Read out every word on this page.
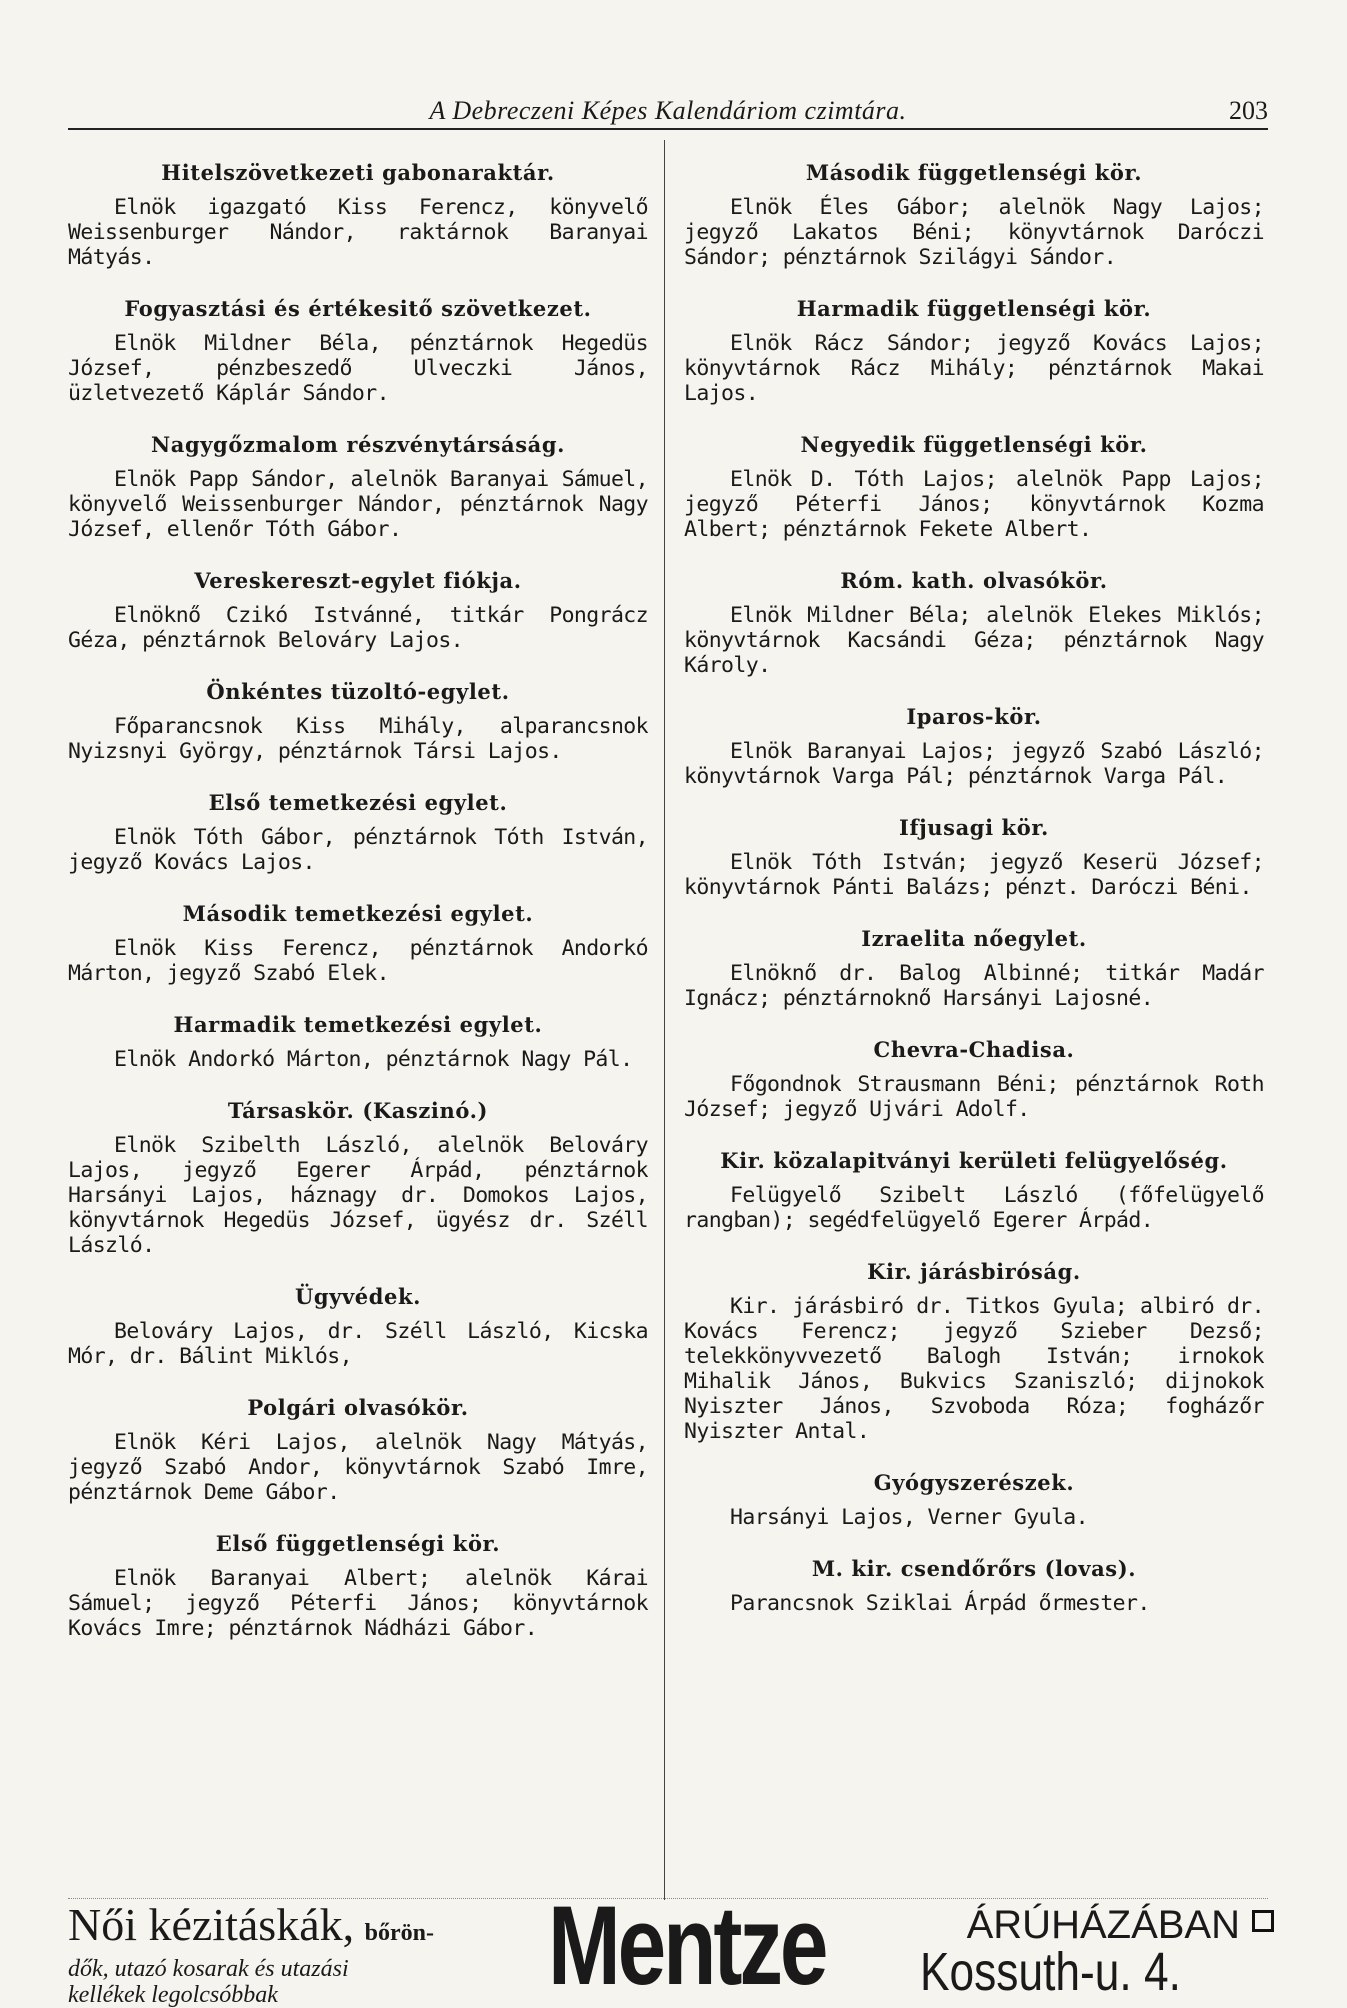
A Debreczeni Képes Kalendáriom czimtára.	203
Hitelszövetkezeti gabonaraktár.
Elnök igazgató Kiss Ferencz, könyvelő Weissenburger Nándor, raktárnok Baranyai Mátyás.
Fogyasztási és értékesitő szövetkezet.
Elnök Mildner Béla, pénztárnok Hegedüs József, pénzbeszedő Ulveczki János, üzletvezető Káplár Sándor.
Nagygőzmalom részvénytársáság.
Elnök Papp Sándor, alelnök Baranyai Sámuel, könyvelő Weissenburger Nándor, pénztárnok Nagy József, ellenőr Tóth Gábor.
Vereskereszt-egylet fiókja.
Elnöknő Czikó Istvánné, titkár Pongrácz Géza, pénztárnok Belováry Lajos.
Önkéntes tüzoltó-egylet.
Főparancsnok Kiss Mihály, alparancsnok Nyizsnyi György, pénztárnok Társi Lajos.
Első temetkezési egylet.
Elnök Tóth Gábor, pénztárnok Tóth István, jegyző Kovács Lajos.
Második temetkezési egylet.
Elnök Kiss Ferencz, pénztárnok Andorkó Márton, jegyző Szabó Elek.
Harmadik temetkezési egylet.
Elnök Andorkó Márton, pénztárnok Nagy Pál.
Társaskör. (Kaszinó.)
Elnök Szibelth László, alelnök Belováry Lajos, jegyző Egerer Árpád, pénztárnok Harsányi Lajos, háznagy dr. Domokos Lajos, könyvtárnok Hegedüs József, ügyész dr. Széll László.
Ügyvédek.
Belováry Lajos, dr. Széll László, Kicska Mór, dr. Bálint Miklós,
Polgári olvasókör.
Elnök Kéri Lajos, alelnök Nagy Mátyás, jegyző Szabó Andor, könyvtárnok Szabó Imre, pénztárnok Deme Gábor.
Első függetlenségi kör.
Elnök Baranyai Albert; alelnök Kárai Sámuel; jegyző Péterfi János; könyvtárnok Kovács Imre; pénztárnok Nádházi Gábor.
Második függetlenségi kör.
Elnök Éles Gábor; alelnök Nagy Lajos; jegyző Lakatos Béni; könyvtárnok Daróczi Sándor; pénztárnok Szilágyi Sándor.
Harmadik függetlenségi kör.
Elnök Rácz Sándor; jegyző Kovács Lajos; könyvtárnok Rácz Mihály; pénztárnok Makai Lajos.
Negyedik függetlenségi kör.
Elnök D. Tóth Lajos; alelnök Papp Lajos; jegyző Péterfi János; könyvtárnok Kozma Albert; pénztárnok Fekete Albert.
Róm. kath. olvasókör.
Elnök Mildner Béla; alelnök Elekes Miklós; könyvtárnok Kacsándi Géza; pénztárnok Nagy Károly.
Iparos-kör.
Elnök Baranyai Lajos; jegyző Szabó László; könyvtárnok Varga Pál; pénztárnok Varga Pál.
Ifjusagi kör.
Elnök Tóth István; jegyző Keserü József; könyvtárnok Pánti Balázs; pénzt. Daróczi Béni.
Izraelita nőegylet.
Elnöknő dr. Balog Albinné; titkár Madár Ignácz; pénztárnoknő Harsányi Lajosné.
Chevra-Chadisa.
Főgondnok Strausmann Béni; pénztárnok Roth József; jegyző Ujvári Adolf.
Kir. közalapitványi kerületi felügyelőség.
Felügyelő Szibelt László (főfelügyelő rangban); segédfelügyelő Egerer Árpád.
Kir. járásbiróság.
Kir. járásbiró dr. Titkos Gyula; albiró dr. Kovács Ferencz; jegyző Szieber Dezső; telekkönyvvezető Balogh István; irnokok Mihalik János, Bukvics Szaniszló; dijnokok Nyiszter János, Szvoboda Róza; fogházőr Nyiszter Antal.
Gyógyszerészek.
Harsányi Lajos, Verner Gyula.
M. kir. csendőrőrs (lovas).
Parancsnok Sziklai Árpád őrmester.
Női kézitáskák, bőrön-
dők, utazó kosarak és utazási
kellékek legolcsóbbak	Mentze	ÁRÚHÁZÁBAN
Kossuth-u. 4.
